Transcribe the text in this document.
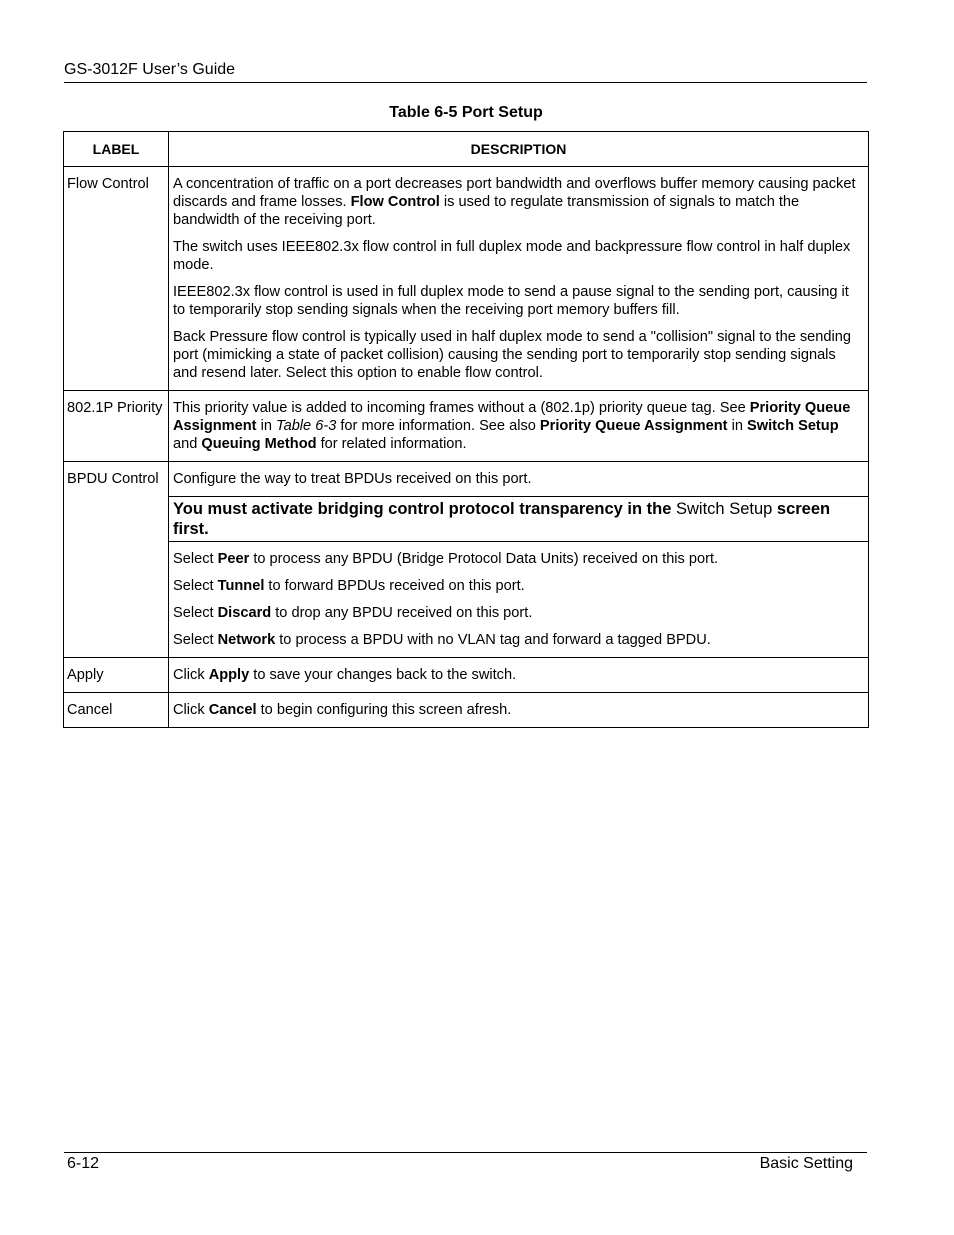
GS-3012F User’s Guide
Table 6-5 Port Setup
LABEL	DESCRIPTION
Flow Control	A concentration of traffic on a port decreases port bandwidth and overflows buffer memory causing packet discards and frame losses. Flow Control is used to regulate transmission of signals to match the bandwidth of the receiving port.

The switch uses IEEE802.3x flow control in full duplex mode and backpressure flow control in half duplex mode.

IEEE802.3x flow control is used in full duplex mode to send a pause signal to the sending port, causing it to temporarily stop sending signals when the receiving port memory buffers fill.

Back Pressure flow control is typically used in half duplex mode to send a "collision" signal to the sending port (mimicking a state of packet collision) causing the sending port to temporarily stop sending signals and resend later. Select this option to enable flow control.

802.1P Priority	This priority value is added to incoming frames without a (802.1p) priority queue tag. See Priority Queue Assignment in Table 6-3 for more information. See also Priority Queue Assignment in Switch Setup and Queuing Method for related information.

BPDU Control	Configure the way to treat BPDUs received on this port.
	You must activate bridging control protocol transparency in the Switch Setup screen first.

	Select Peer to process any BPDU (Bridge Protocol Data Units) received on this port.

Select Tunnel to forward BPDUs received on this port.

Select Discard to drop any BPDU received on this port.

Select Network to process a BPDU with no VLAN tag and forward a tagged BPDU.

Apply	Click Apply to save your changes back to the switch.
Cancel	Click Cancel to begin configuring this screen afresh.
6-12	Basic Setting
